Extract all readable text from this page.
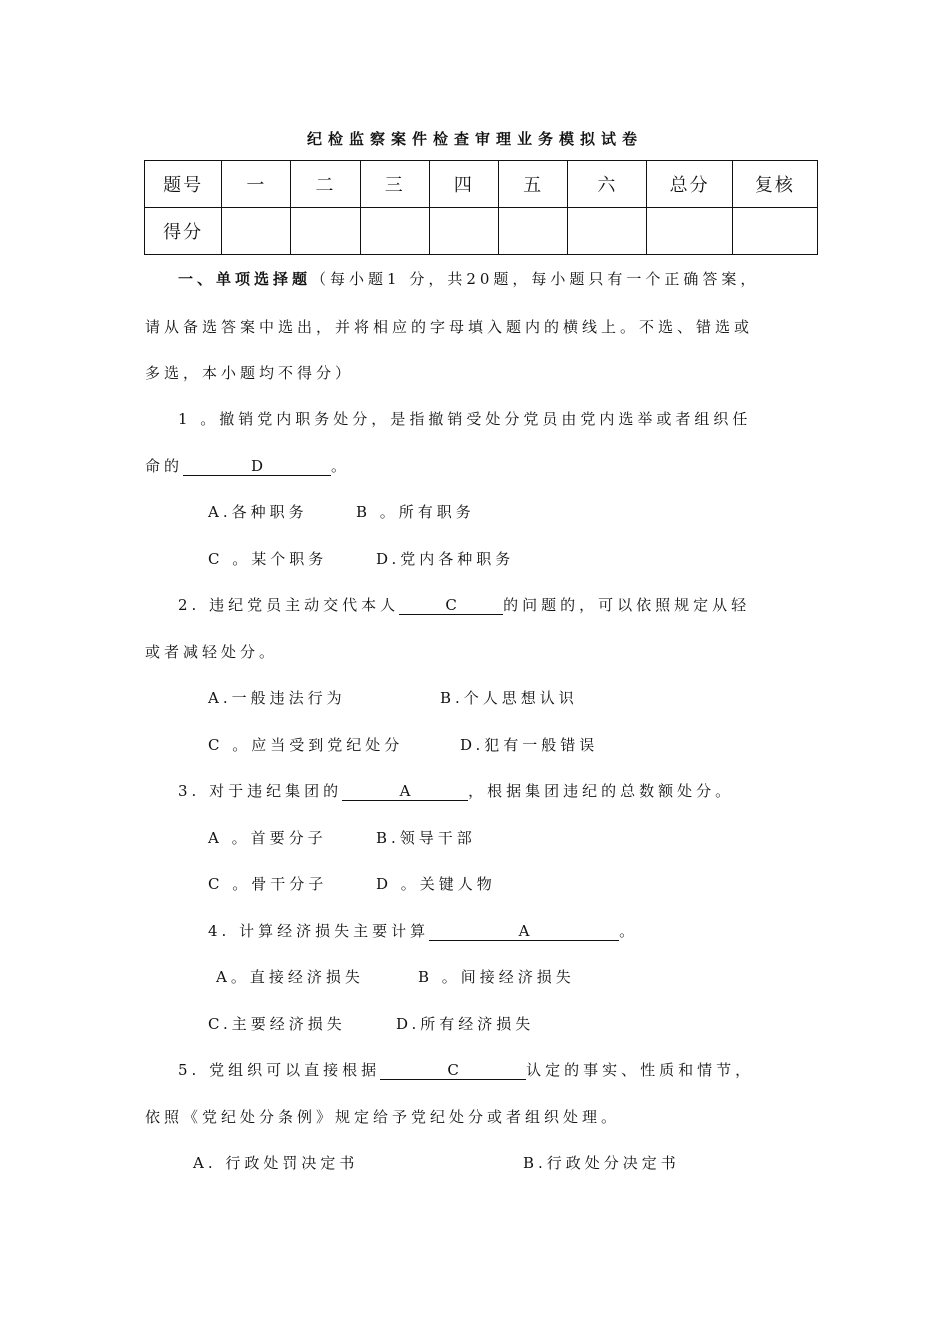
纪检监察案件检查审理业务模拟试卷
题号	一	二	三	四	五	六	总分	复核
得分								
一、单项选择题（每小题1 分，共20题，每小题只有一个正确答案，
请从备选答案中选出，并将相应的字母填入题内的横线上。不选、错选或
多选，本小题均不得分）
1 。撤销党内职务处分，是指撤销受处分党员由党内选举或者组织任
命的	D	。
A.各种职务	B 。所有职务
C 。某个职务	D.党内各种职务
2. 违纪党员主动交代本人	C	的问题的，可以依照规定从轻
或者减轻处分。
A.一般违法行为	B.个人思想认识
C 。应当受到党纪处分	D.犯有一般错误
3. 对于违纪集团的	A	，根据集团违纪的总数额处分。
A 。首要分子	B.领导干部
C 。骨干分子	D 。关键人物
4. 计算经济损失主要计算	A	。
A。直接经济损失	B 。间接经济损失
C.主要经济损失	D.所有经济损失
5. 党组织可以直接根据	C	认定的事实、性质和情节，
依照《党纪处分条例》规定给予党纪处分或者组织处理。
A. 行政处罚决定书	B.行政处分决定书
